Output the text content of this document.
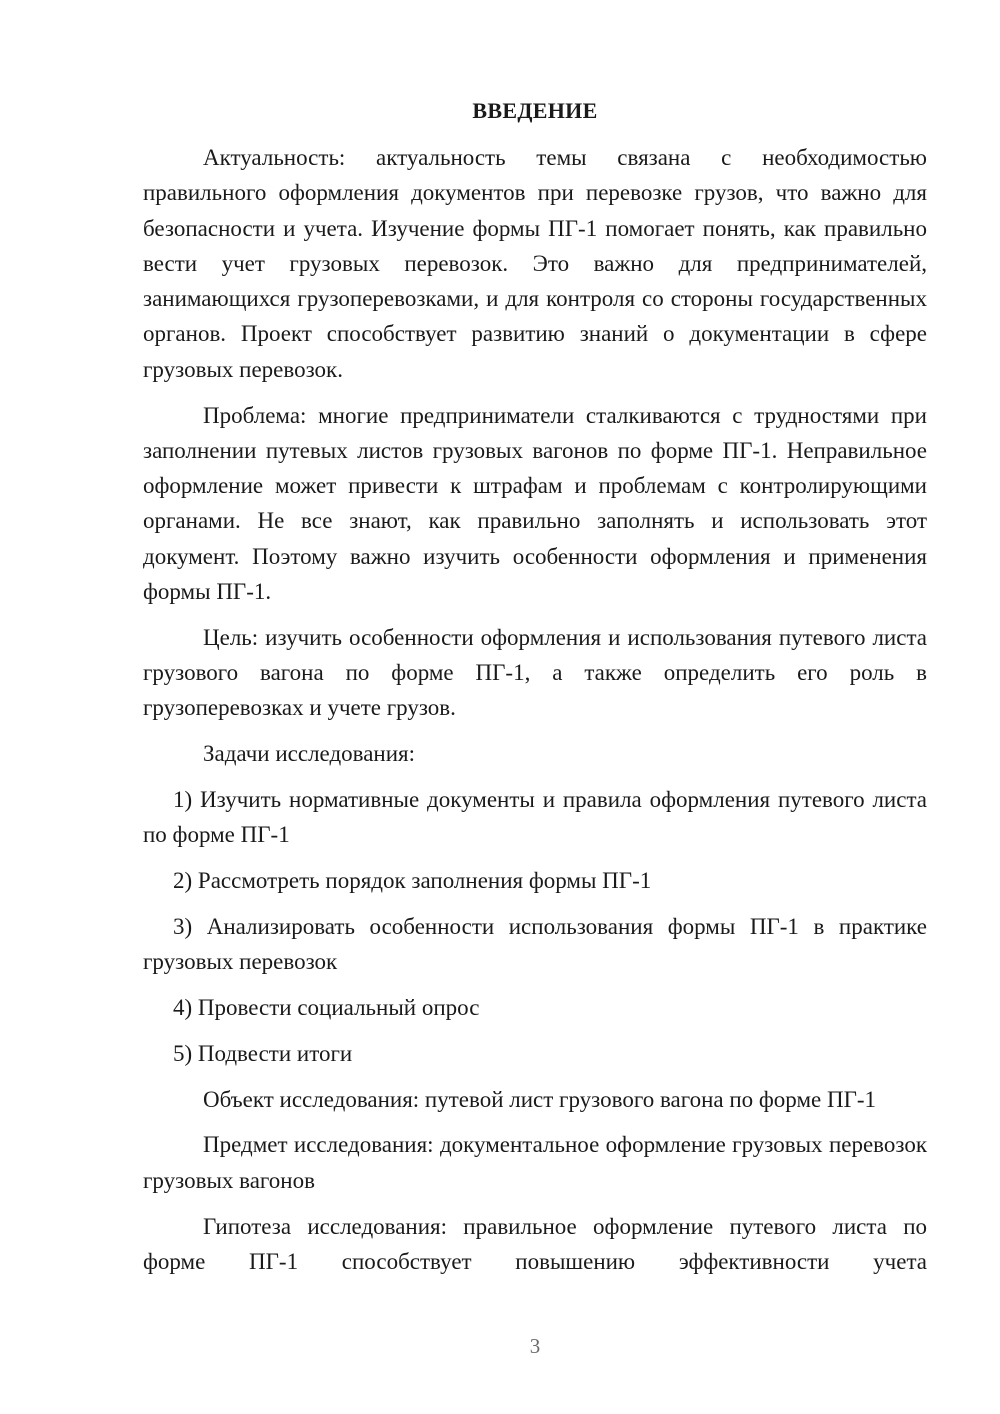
ВВЕДЕНИЕ

Актуальность: актуальность темы связана с необходимостью правильного оформления документов при перевозке грузов, что важно для безопасности и учета. Изучение формы ПГ-1 помогает понять, как правильно вести учет грузовых перевозок. Это важно для предпринимателей, занимающихся грузоперевозками, и для контроля со стороны государственных органов. Проект способствует развитию знаний о документации в сфере грузовых перевозок.

Проблема: многие предприниматели сталкиваются с трудностями при заполнении путевых листов грузовых вагонов по форме ПГ-1. Неправильное оформление может привести к штрафам и проблемам с контролирующими органами. Не все знают, как правильно заполнять и использовать этот документ. Поэтому важно изучить особенности оформления и применения формы ПГ-1.

Цель: изучить особенности оформления и использования путевого листа грузового вагона по форме ПГ-1, а также определить его роль в грузоперевозках и учете грузов.

Задачи исследования:

1) Изучить нормативные документы и правила оформления путевого листа по форме ПГ-1

2) Рассмотреть порядок заполнения формы ПГ-1

3) Анализировать особенности использования формы ПГ-1 в практике грузовых перевозок

4) Провести социальный опрос

5) Подвести итоги

Объект исследования: путевой лист грузового вагона по форме ПГ-1

Предмет исследования: документальное оформление грузовых перевозок грузовых вагонов

Гипотеза исследования: правильное оформление путевого листа по форме ПГ-1 способствует повышению эффективности учета

3
